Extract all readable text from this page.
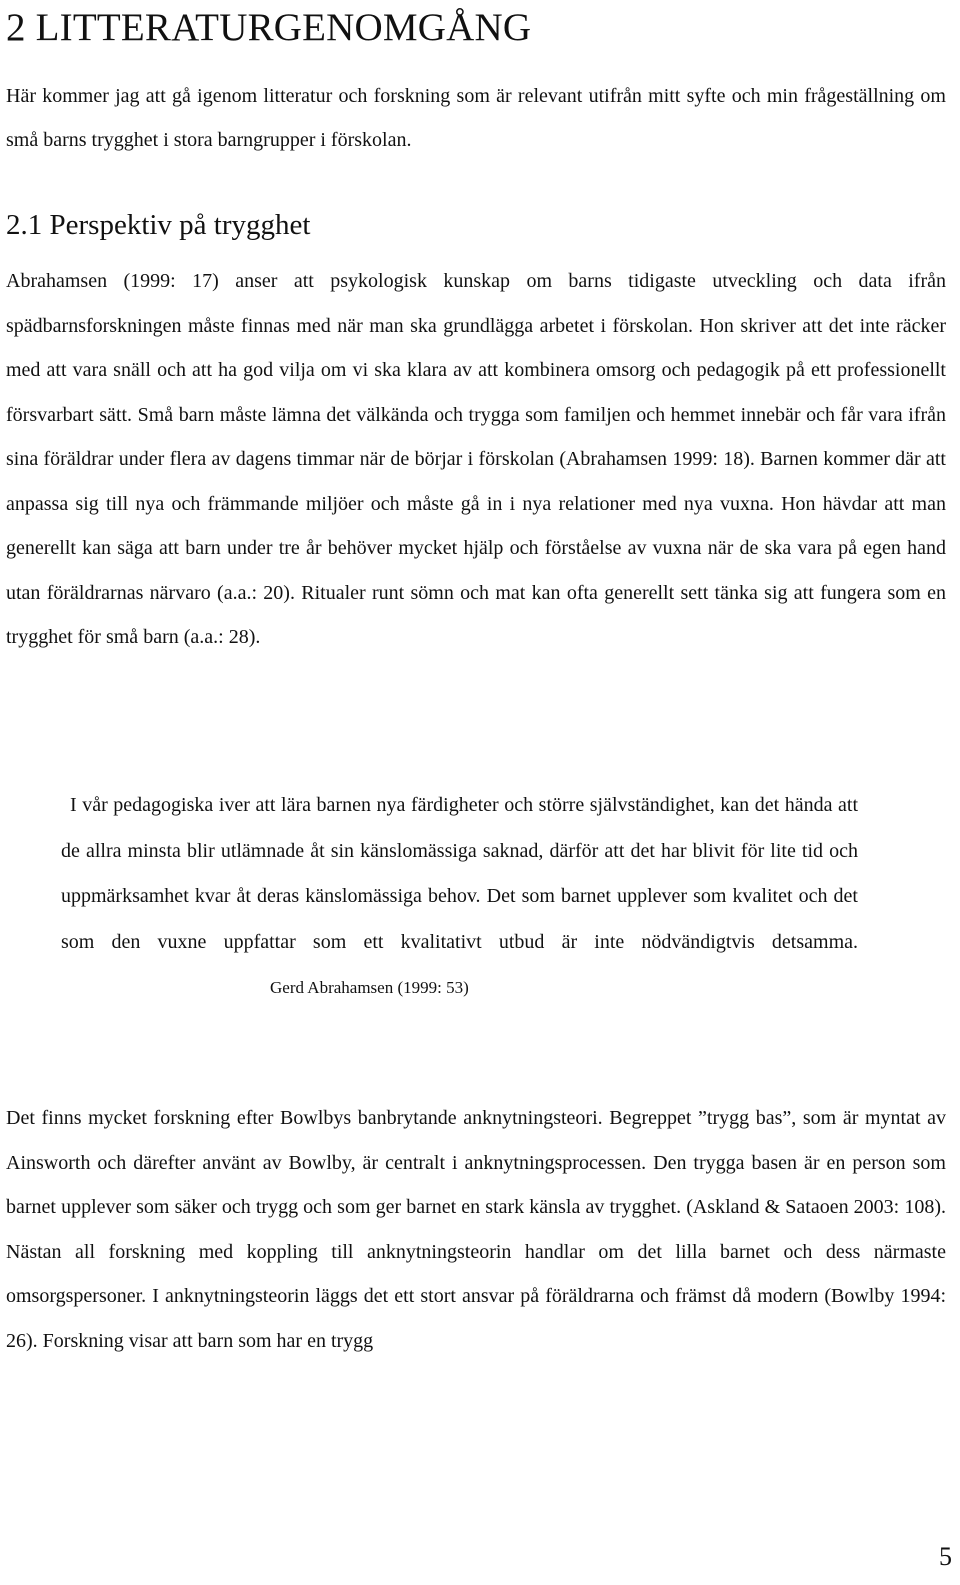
2 LITTERATURGENOMGÅNG

Här kommer jag att gå igenom litteratur och forskning som är relevant utifrån mitt syfte och min frågeställning om små barns trygghet i stora barngrupper i förskolan.

2.1 Perspektiv på trygghet

Abrahamsen (1999: 17) anser att psykologisk kunskap om barns tidigaste utveckling och data ifrån spädbarnsforskningen måste finnas med när man ska grundlägga arbetet i förskolan. Hon skriver att det inte räcker med att vara snäll och att ha god vilja om vi ska klara av att kombinera omsorg och pedagogik på ett professionellt försvarbart sätt. Små barn måste lämna det välkända och trygga som familjen och hemmet innebär och får vara ifrån sina föräldrar under flera av dagens timmar när de börjar i förskolan (Abrahamsen 1999: 18). Barnen kommer där att anpassa sig till nya och främmande miljöer och måste gå in i nya relationer med nya vuxna. Hon hävdar att man generellt kan säga att barn under tre år behöver mycket hjälp och förståelse av vuxna när de ska vara på egen hand utan föräldrarnas närvaro (a.a.: 20). Ritualer runt sömn och mat kan ofta generellt sett tänka sig att fungera som en trygghet för små barn (a.a.: 28).

I vår pedagogiska iver att lära barnen nya färdigheter och större självständighet, kan det hända att de allra minsta blir utlämnade åt sin känslomässiga saknad, därför att det har blivit för lite tid och uppmärksamhet kvar åt deras känslomässiga behov. Det som barnet upplever som kvalitet och det som den vuxne uppfattar som ett kvalitativt utbud är inte nödvändigtvis detsamma.Gerd Abrahamsen (1999: 53)

Det finns mycket forskning efter Bowlbys banbrytande anknytningsteori. Begreppet ”trygg bas”, som är myntat av Ainsworth och därefter använt av Bowlby, är centralt i anknytningsprocessen. Den trygga basen är en person som barnet upplever som säker och trygg och som ger barnet en stark känsla av trygghet. (Askland & Sataoen 2003: 108). Nästan all forskning med koppling till anknytningsteorin handlar om det lilla barnet och dess närmaste omsorgspersoner. I anknytningsteorin läggs det ett stort ansvar på föräldrarna och främst då modern (Bowlby 1994: 26). Forskning visar att barn som har en trygg

5
